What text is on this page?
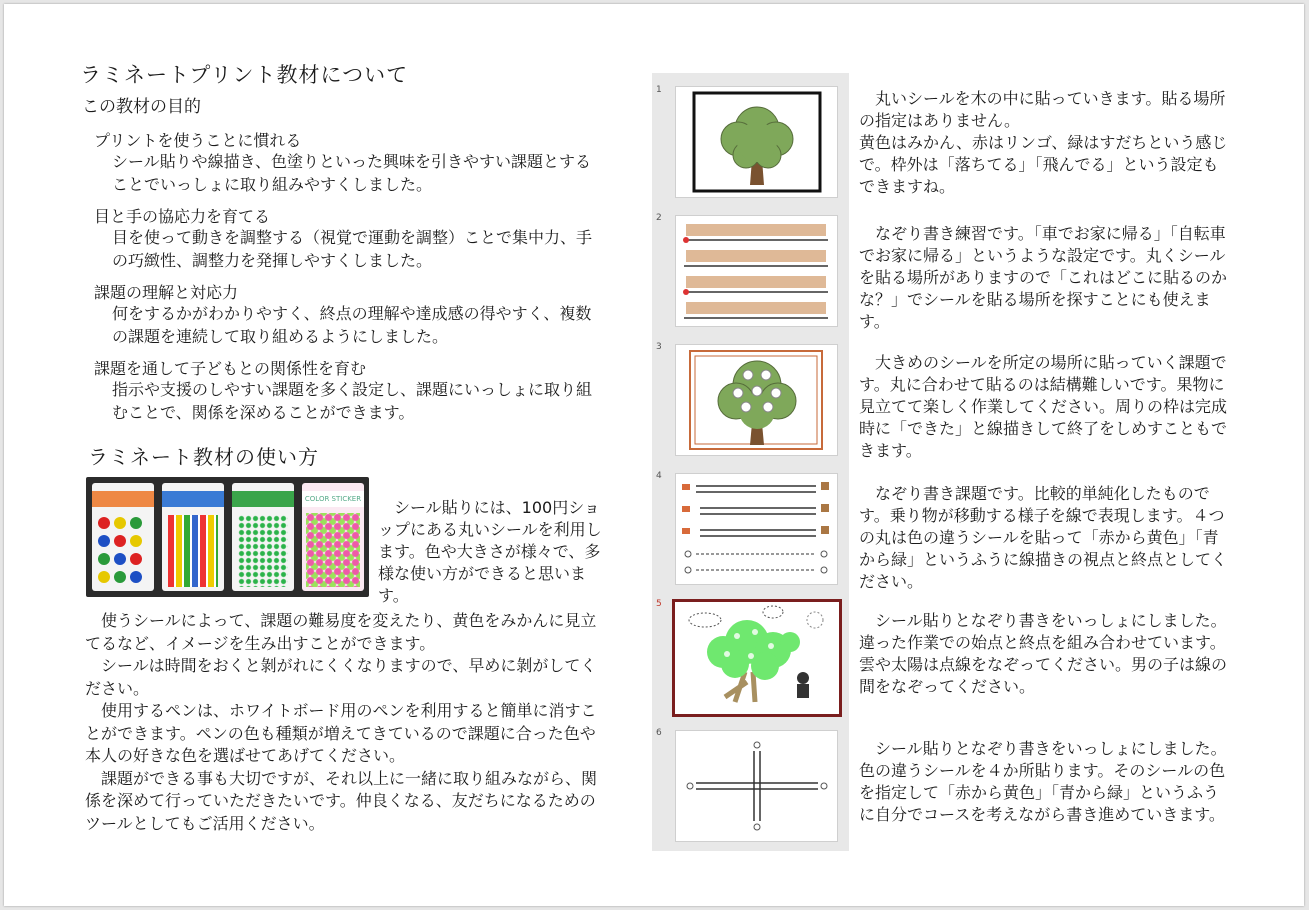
ラミネートプリント教材について
この教材の目的
プリントを使うことに慣れる
シール貼りや線描き、色塗りといった興味を引きやすい課題とすることでいっしょに取り組みやすくしました。
目と手の協応力を育てる
目を使って動きを調整する（視覚で運動を調整）ことで集中力、手の巧緻性、調整力を発揮しやすくしました。
課題の理解と対応力
何をするかがわかりやすく、終点の理解や達成感の得やすく、複数の課題を連続して取り組めるようにしました。
課題を通して子どもとの関係性を育む
指示や支援のしやすい課題を多く設定し、課題にいっしょに取り組むことで、関係を深めることができます。
ラミネート教材の使い方
COLOR STICKER	シール貼りには、100円ショップにある丸いシールを利用します。色や大きさが様々で、多様な使い方ができると思います。

使うシールによって、課題の難易度を変えたり、黄色をみかんに見立てるなど、イメージを生み出すことができます。

シールは時間をおくと剝がれにくくなりますので、早めに剝がしてください。

使用するペンは、ホワイトボード用のペンを利用すると簡単に消すことができます。ペンの色も種類が増えてきているので課題に合った色や本人の好きな色を選ばせてあげてください。

課題ができる事も大切ですが、それ以上に一緒に取り組みながら、関係を深めて行っていただきたいです。仲良くなる、友だちになるためのツールとしてもご活用ください。

1	丸いシールを木の中に貼っていきます。貼る場所の指定はありません。
黄色はみかん、赤はリンゴ、緑はすだちという感じで。枠外は「落ちてる」「飛んでる」という設定もできますね。
2
なぞり書き練習です。「車でお家に帰る」「自転車でお家に帰る」というような設定です。丸くシールを貼る場所がありますので「これはどこに貼るのかな？」でシールを貼る場所を探すことにも使えます。
3
大きめのシールを所定の場所に貼っていく課題です。丸に合わせて貼るのは結構難しいです。果物に見立てて楽しく作業してください。周りの枠は完成時に「できた」と線描きして終了をしめすこともできます。
4
なぞり書き課題です。比較的単純化したものです。乗り物が移動する様子を線で表現します。４つの丸は色の違うシールを貼って「赤から黄色」「青から緑」というふうに線描きの視点と終点としてください。
5
シール貼りとなぞり書きをいっしょにしました。違った作業での始点と終点を組み合わせています。雲や太陽は点線をなぞってください。男の子は線の間をなぞってください。
6
シール貼りとなぞり書きをいっしょにしました。色の違うシールを４か所貼ります。そのシールの色を指定して「赤から黄色」「青から緑」というふうに自分でコースを考えながら書き進めていきます。
